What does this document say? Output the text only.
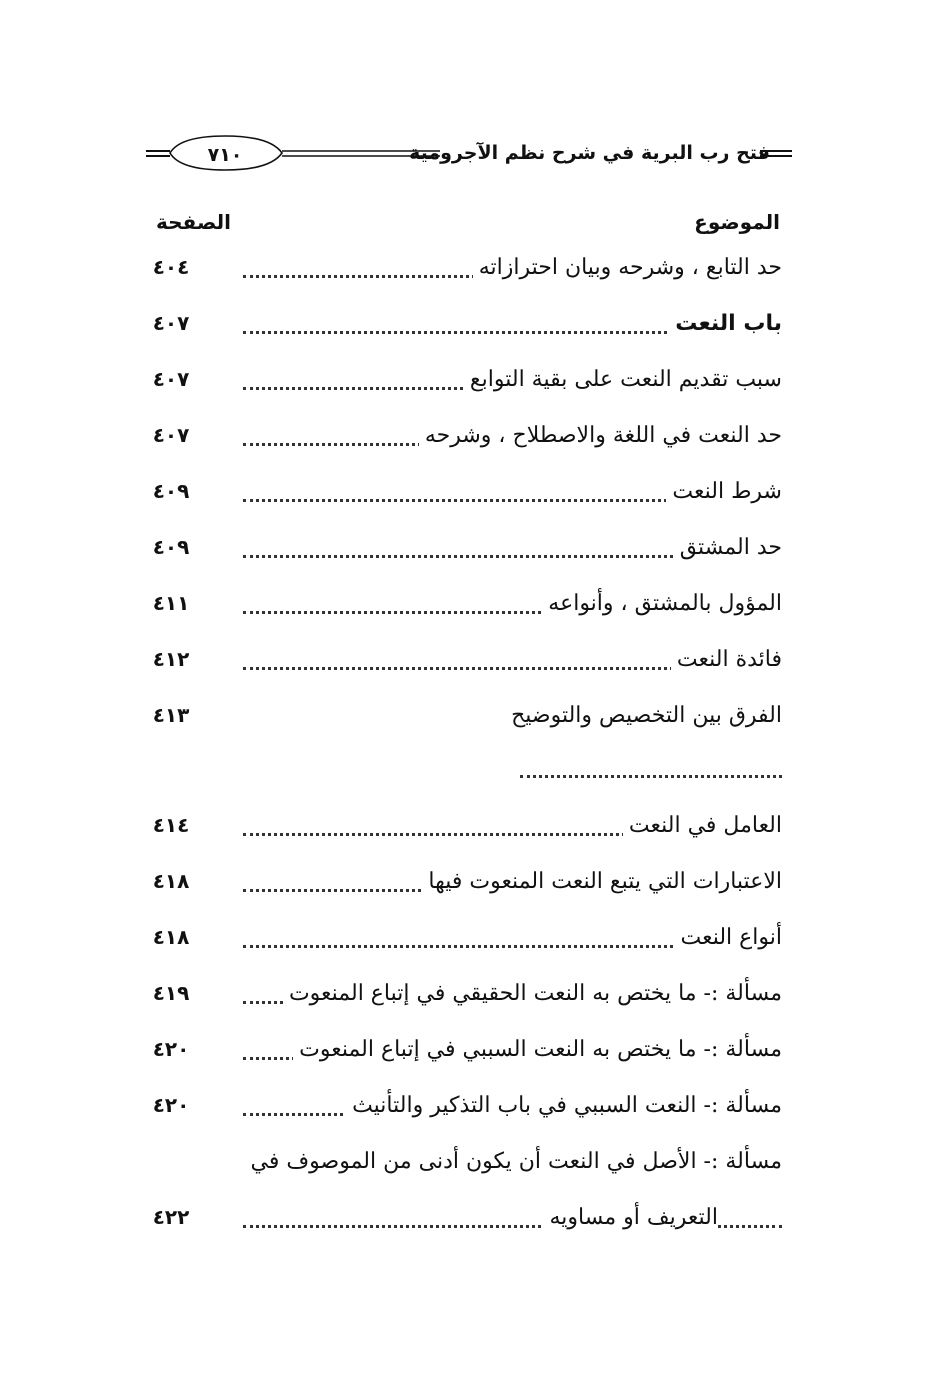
فتح رب البرية في شرح نظم الآجرومية
٧١٠
الموضوع
الصفحة
حد التابع ، وشرحه وبيان احترازاته
٤٠٤
باب النعت
٤٠٧
سبب تقديم النعت على بقية التوابع
٤٠٧
حد النعت في اللغة والاصطلاح ، وشرحه
٤٠٧
شرط النعت
٤٠٩
حد المشتق
٤٠٩
المؤول بالمشتق ، وأنواعه
٤١١
فائدة النعت
٤١٢
الفرق بين التخصيص والتوضيح
٤١٣
العامل في النعت
٤١٤
الاعتبارات التي يتبع النعت المنعوت فيها
٤١٨
أنواع النعت
٤١٨
مسألة :- ما يختص به النعت الحقيقي في إتباع المنعوت
٤١٩
مسألة :- ما يختص به النعت السببي في إتباع المنعوت
٤٢٠
مسألة :- النعت السببي في باب التذكير والتأنيث
٤٢٠
مسألة :- الأصل في النعت أن يكون أدنى من الموصوف في
التعريف أو مساويه
٤٢٢
